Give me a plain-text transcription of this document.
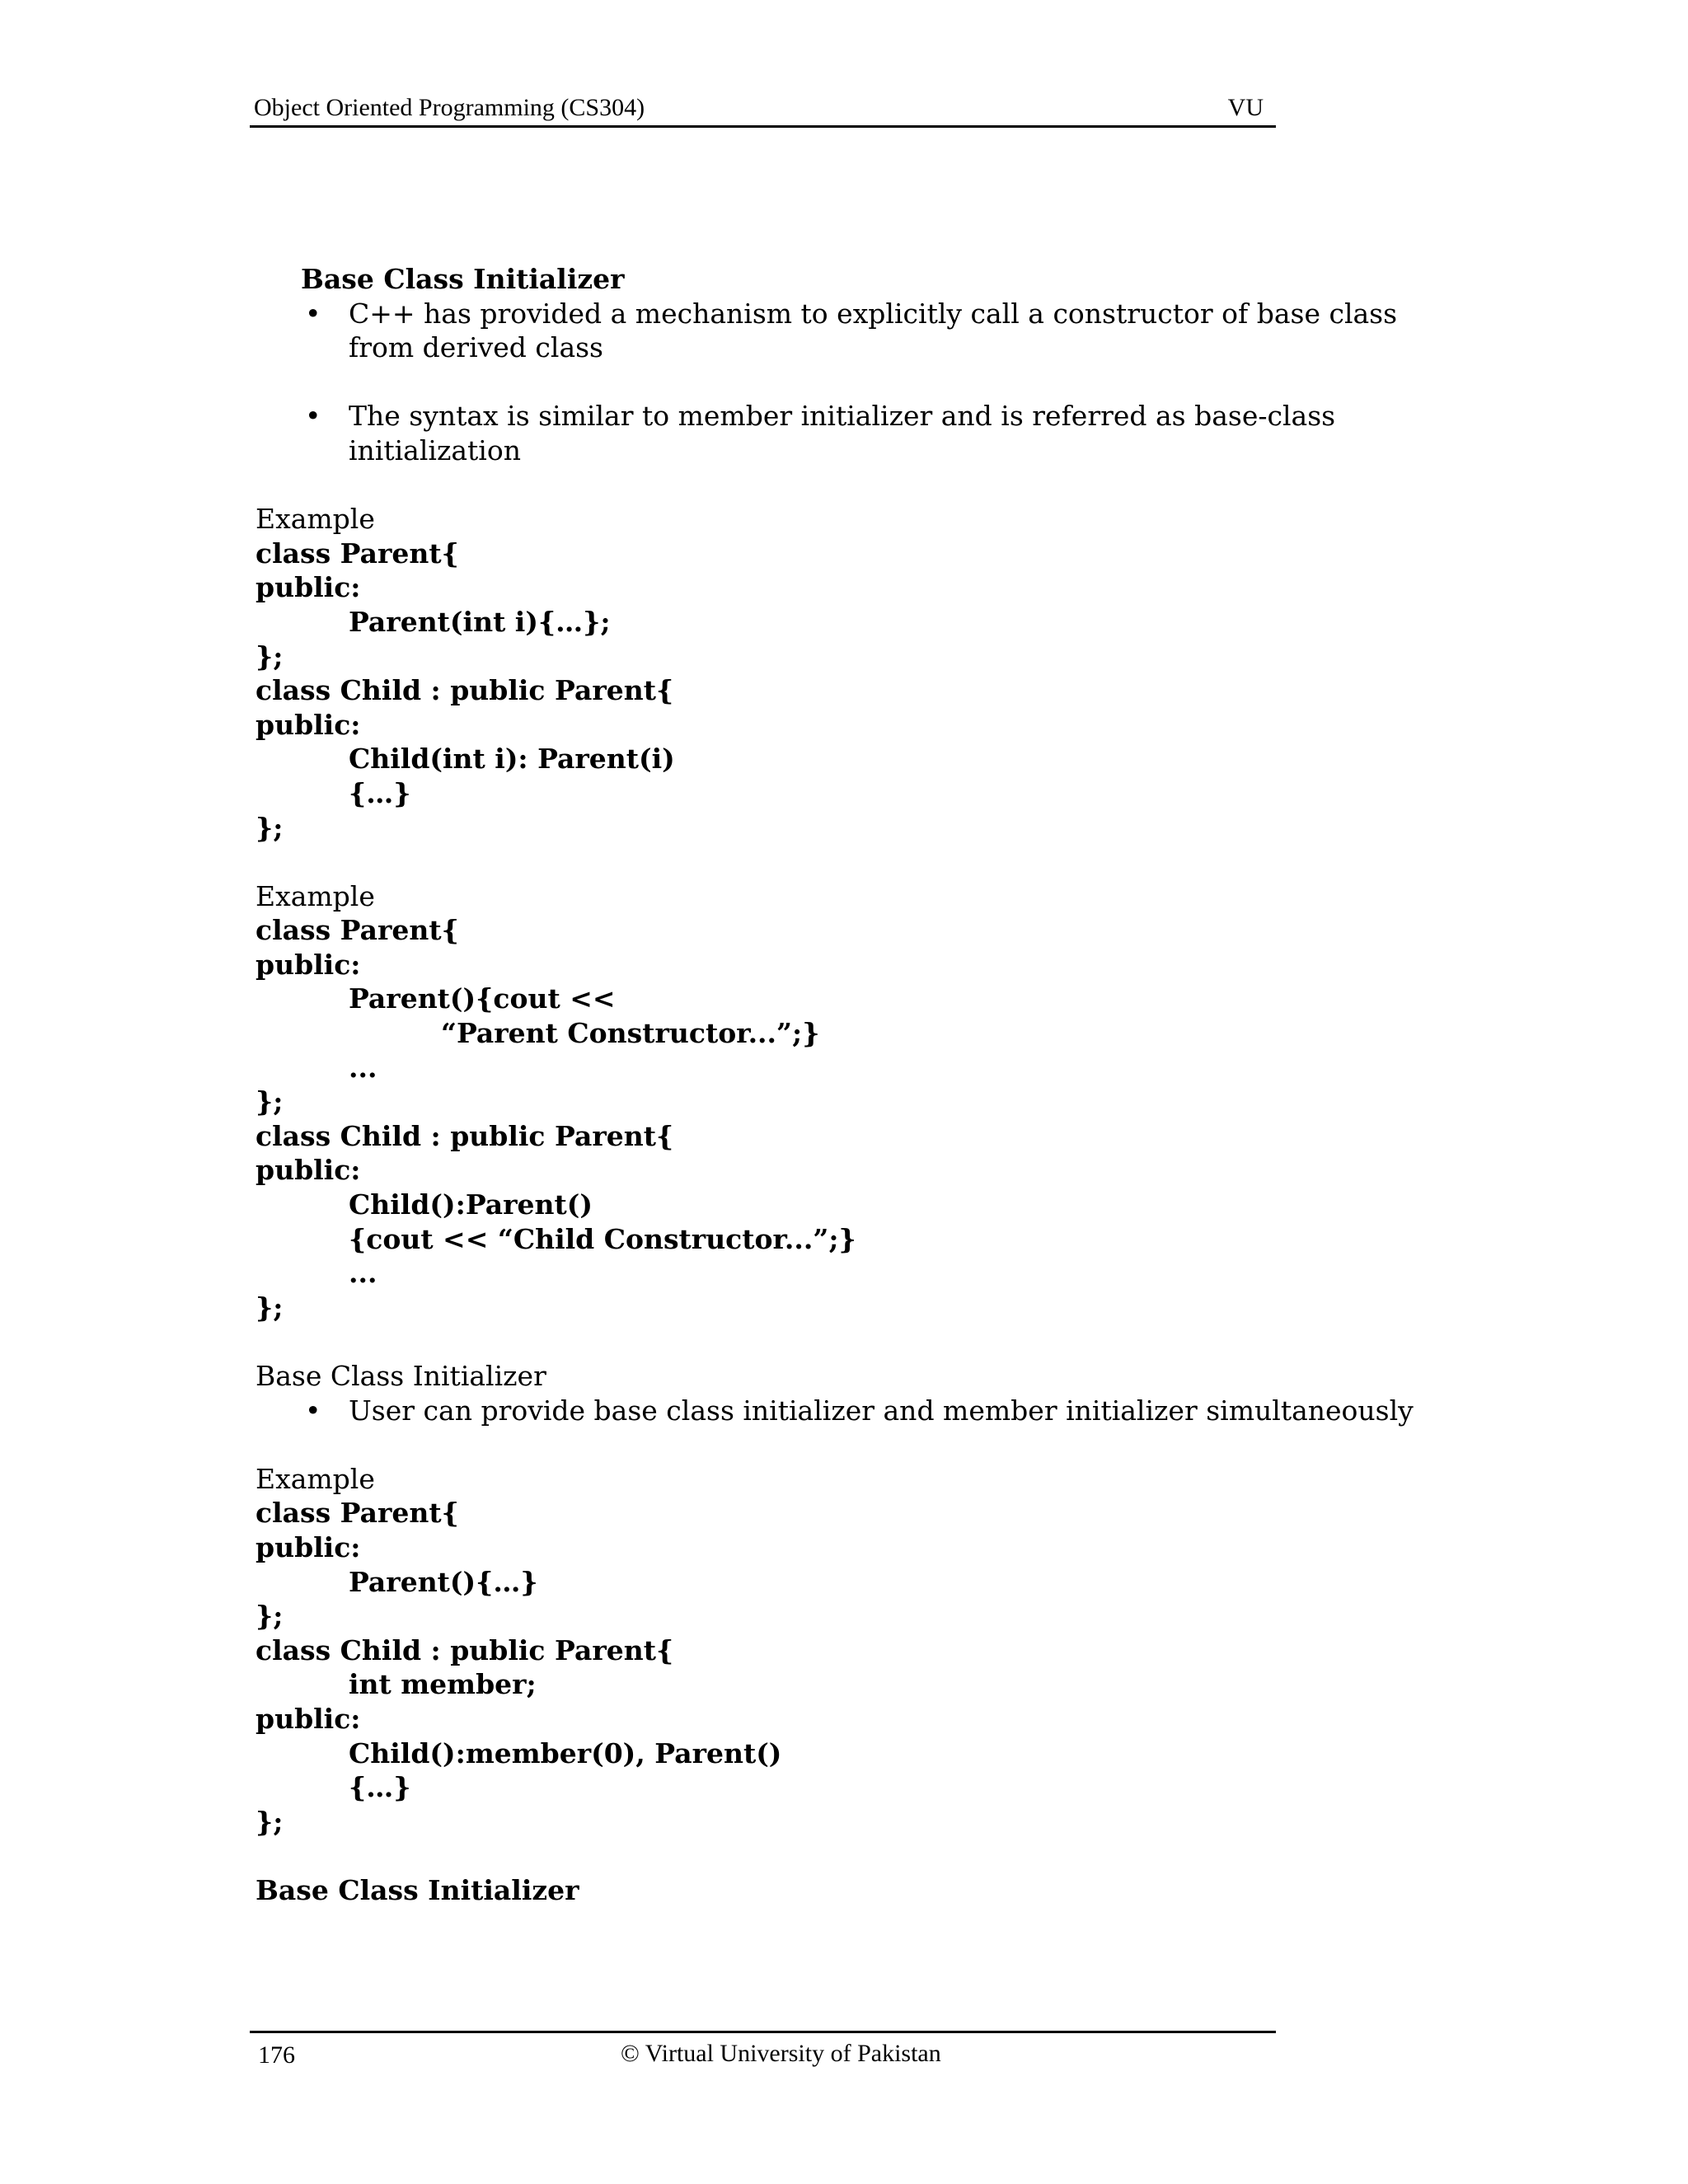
Object Oriented Programming (CS304)	VU
Base Class Initializer
• C++ has provided a mechanism to explicitly call a constructor of base class
from derived class
• The syntax is similar to member initializer and is referred as base-class
initialization
Example
class Parent{
public:
Parent(int i){…};
};
class Child : public Parent{
public:
Child(int i): Parent(i)
{…}
};
Example
class Parent{
public:
Parent(){cout <<
“Parent Constructor...”;}
...
};
class Child : public Parent{
public:
Child():Parent()
{cout << “Child Constructor...”;}
...
};
Base Class Initializer
• User can provide base class initializer and member initializer simultaneously
Example
class Parent{
public:
Parent(){…}
};
class Child : public Parent{
int member;
public:
Child():member(0), Parent()
{…}
};
Base Class Initializer
176	© Virtual University of Pakistan
